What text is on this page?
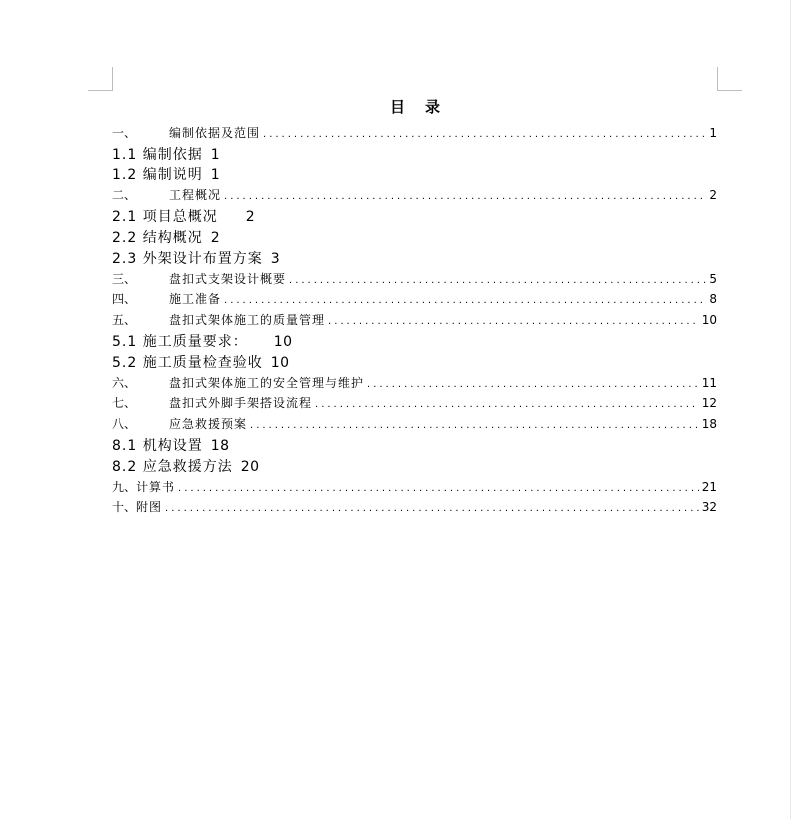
目 录
一、	编制依据及范围 .....	1
1.1 编制依据 1
1.2 编制说明 1
二、	工程概况 .....	2
2.1 项目总概况 2
2.2 结构概况 2
2.3 外架设计布置方案 3
三、	盘扣式支架设计概要 .....	5
四、	施工准备 .....	8
五、	盘扣式架体施工的质量管理 .....	10
5.1 施工质量要求： 10
5.2 施工质量检查验收 10
六、	盘扣式架体施工的安全管理与维护 .....	11
七、	盘扣式外脚手架搭设流程 .....	12
八、	应急救援预案 .....	18
8.1 机构设置 18
8.2 应急救援方法 20
九、 计算书 .....	21
十、 附图 .....	32
